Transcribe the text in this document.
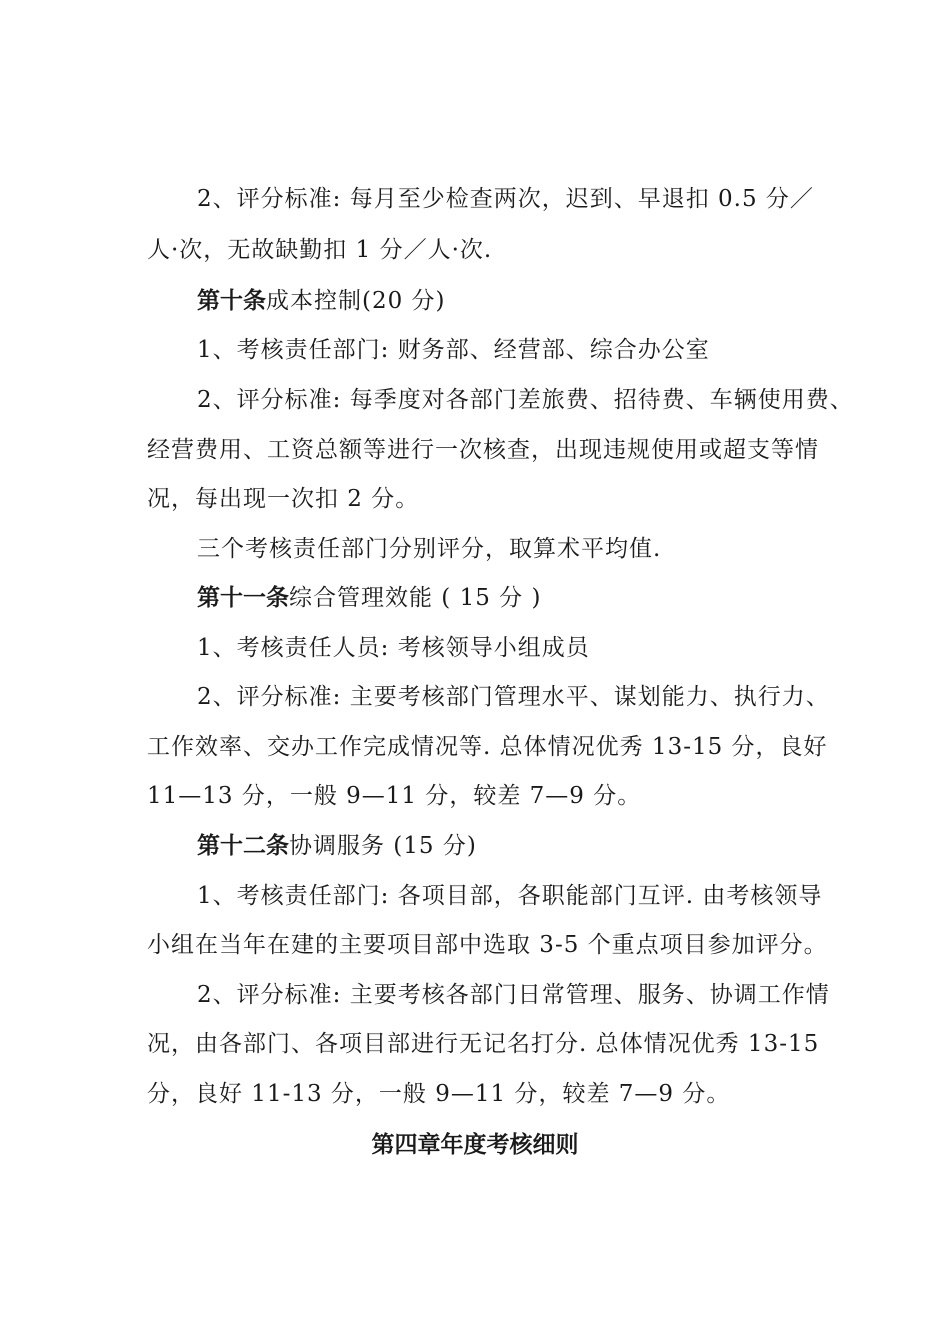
2、评分标准: 每月至少检查两次，迟到、早退扣 0.5 分／
人·次，无故缺勤扣 1 分／人·次.
第十条成本控制(20 分)
1、考核责任部门: 财务部、经营部、综合办公室
2、评分标准: 每季度对各部门差旅费、招待费、车辆使用费、
经营费用、工资总额等进行一次核查，出现违规使用或超支等情
况，每出现一次扣 2 分。
三个考核责任部门分别评分，取算术平均值.
第十一条综合管理效能 ( 15 分 )
1、考核责任人员: 考核领导小组成员
2、评分标准: 主要考核部门管理水平、谋划能力、执行力、
工作效率、交办工作完成情况等. 总体情况优秀 13-15 分，良好
11—13 分，一般 9—11 分，较差 7—9 分。
第十二条协调服务 (15 分)
1、考核责任部门: 各项目部，各职能部门互评. 由考核领导
小组在当年在建的主要项目部中选取 3-5 个重点项目参加评分。
2、评分标准: 主要考核各部门日常管理、服务、协调工作情
况，由各部门、各项目部进行无记名打分. 总体情况优秀 13-15
分，良好 11-13 分，一般 9—11 分，较差 7—9 分。
第四章年度考核细则
